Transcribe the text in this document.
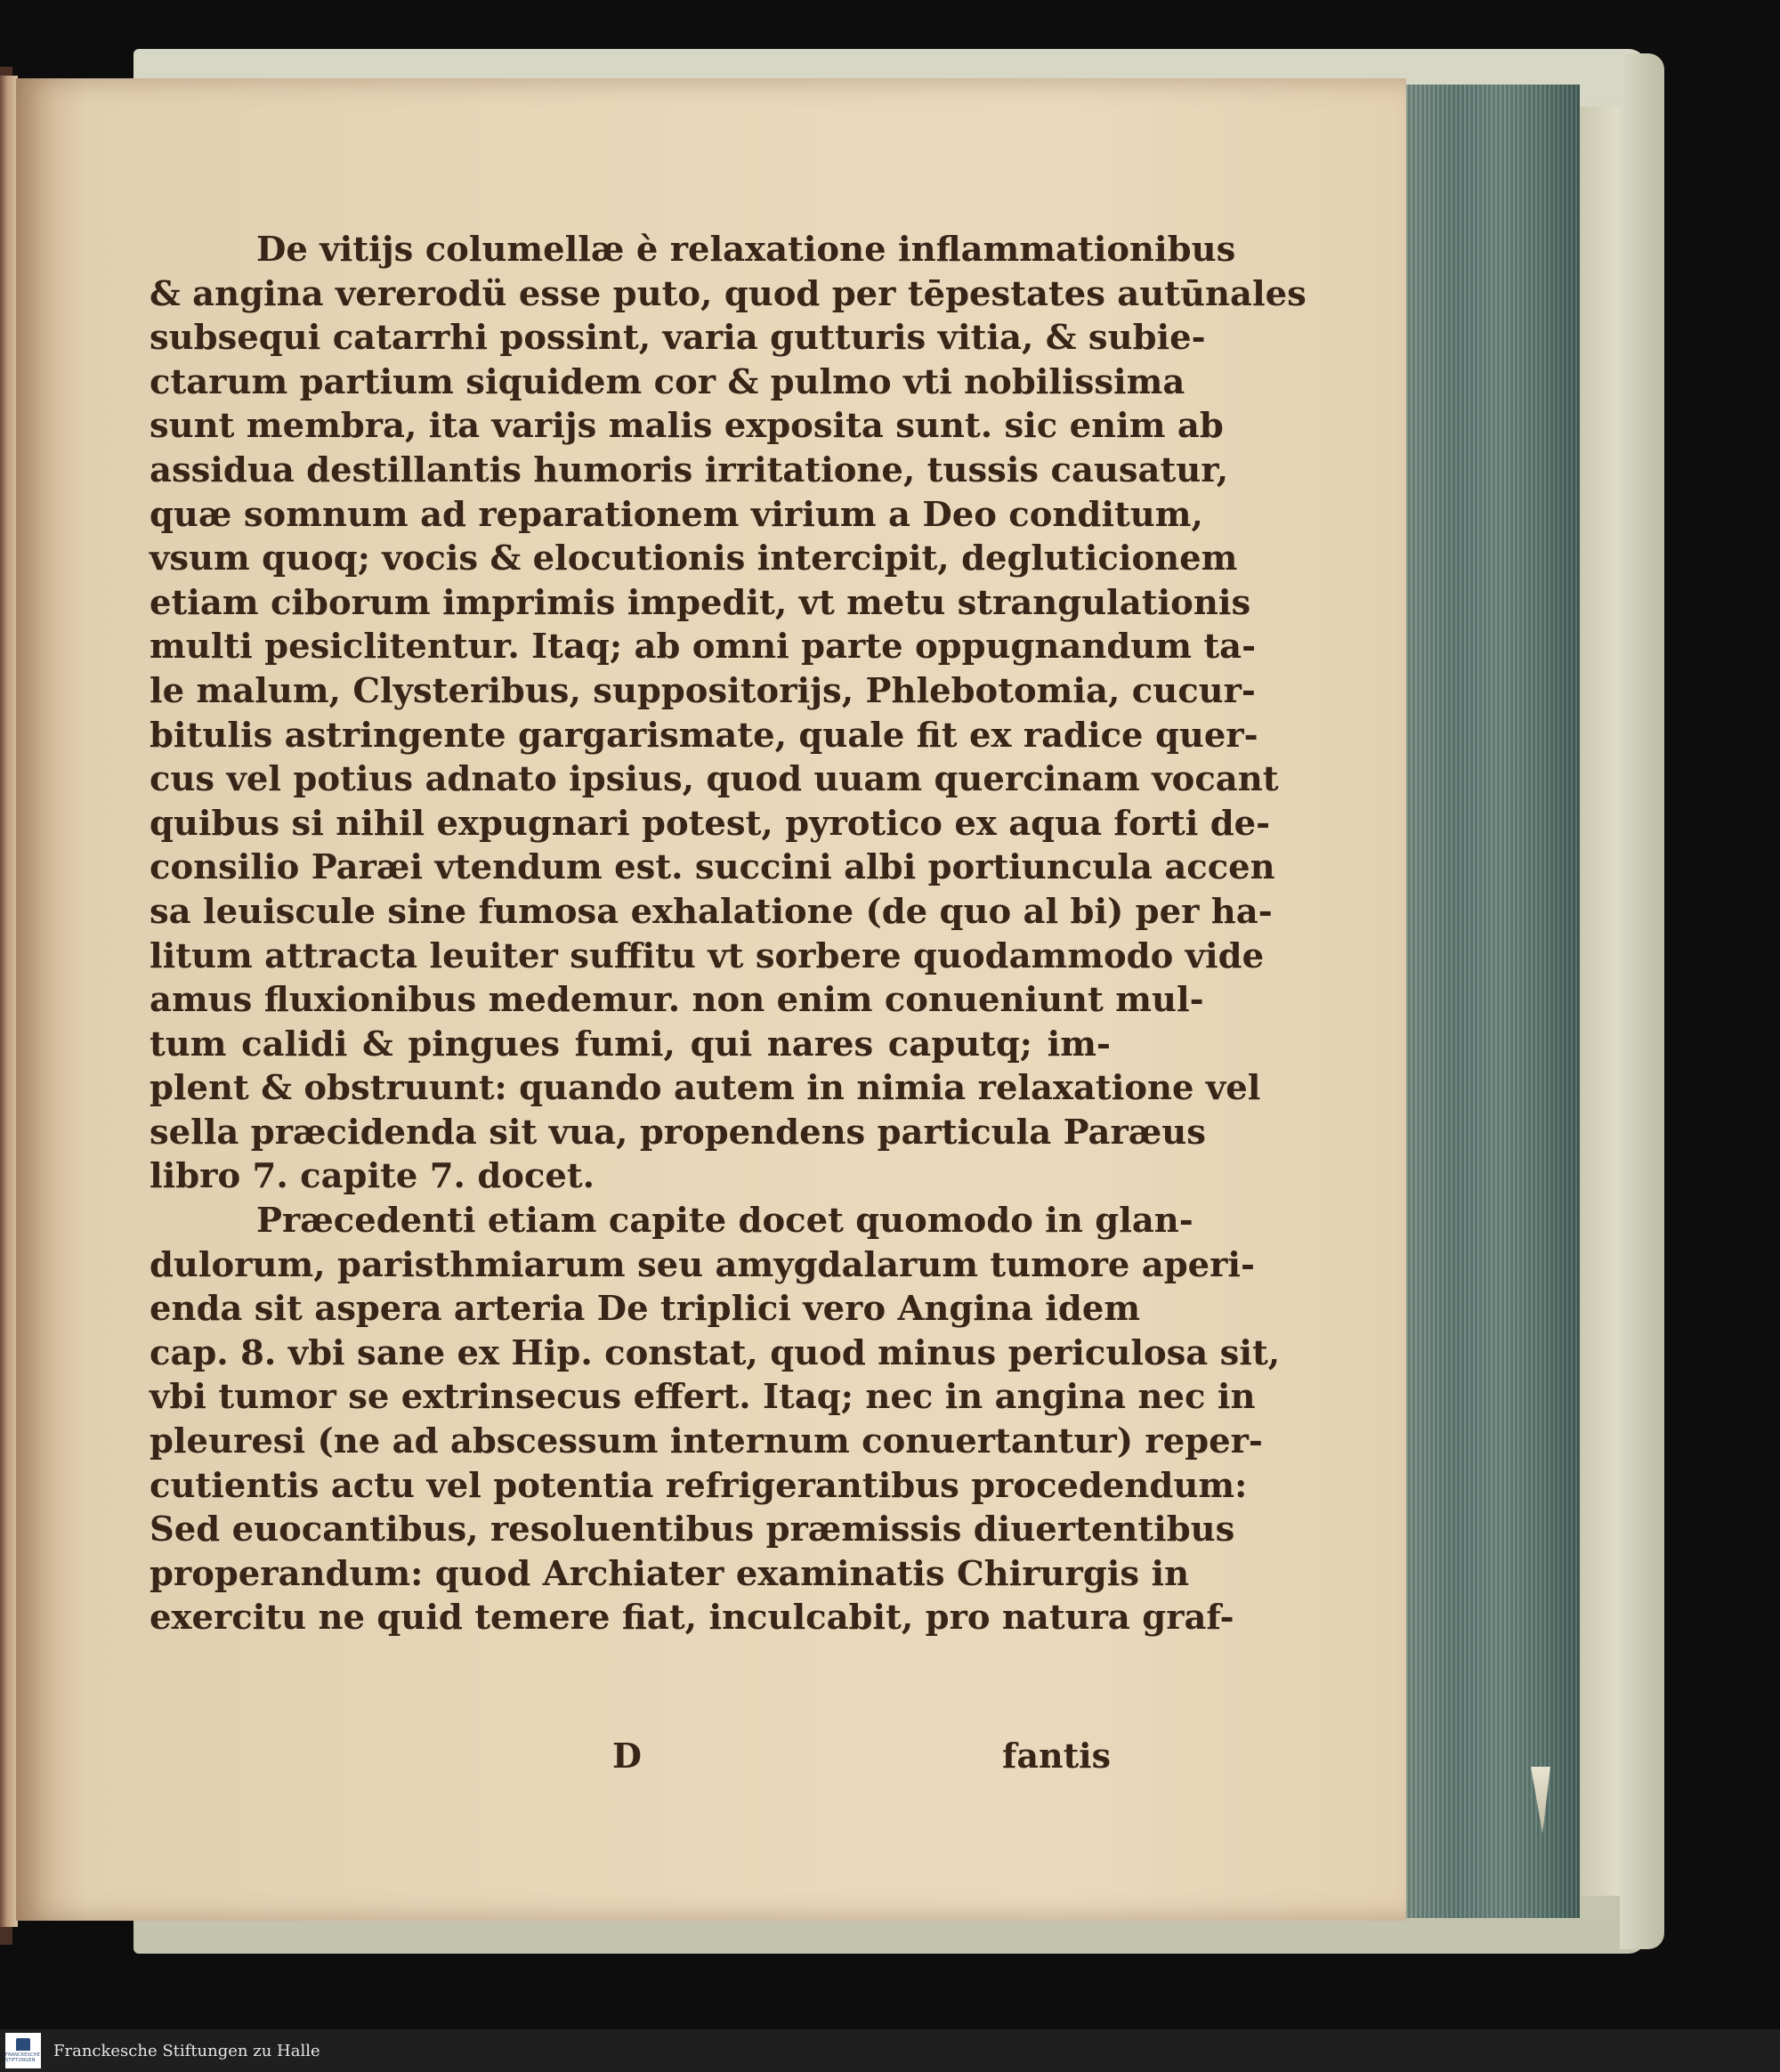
De vitijs columellæ è relaxatione inflammationibus
& angina vererodü esse puto, quod per tēpestates autūnales
subsequi catarrhi possint, varia gutturis vitia, & subie-
ctarum partium siquidem cor & pulmo vti nobilissima
sunt membra, ita varijs malis exposita sunt. sic enim ab
assidua destillantis humoris irritatione, tussis causatur,
quæ somnum ad reparationem virium a Deo conditum,
vsum quoq; vocis & elocutionis intercipit, degluticionem
etiam ciborum imprimis impedit, vt metu strangulationis
multi pesiclitentur. Itaq; ab omni parte oppugnandum ta-
le malum, Clysteribus, suppositorijs, Phlebotomia, cucur-
bitulis astringente gargarismate, quale fit ex radice quer-
cus vel potius adnato ipsius, quod uuam quercinam vocant
quibus si nihil expugnari potest, pyrotico ex aqua forti de-
consilio Paræi vtendum est. succini albi portiuncula accen
sa leuiscule sine fumosa exhalatione (de quo al bi) per ha-
litum attracta leuiter suffitu vt sorbere quodammodo vide
amus fluxionibus medemur. non enim conueniunt mul-
tum calidi & pingues fumi, qui nares caputq; im-
plent & obstruunt: quando autem in nimia relaxatione vel
sella præcidenda sit vua, propendens particula Paræus
libro 7. capite 7. docet.
Præcedenti etiam capite docet quomodo in glan-
dulorum, paristhmiarum seu amygdalarum tumore aperi-
enda sit aspera arteria De triplici vero Angina idem
cap. 8. vbi sane ex Hip. constat, quod minus periculosa sit,
vbi tumor se extrinsecus effert. Itaq; nec in angina nec in
pleuresi (ne ad abscessum internum conuertantur) reper-
cutientis actu vel potentia refrigerantibus procedendum:
Sed euocantibus, resoluentibus præmissis diuertentibus
properandum: quod Archiater examinatis Chirurgis in
exercitu ne quid temere fiat, inculcabit, pro natura graf-
D	fantis
FRANCKESCHE STIFTUNGEN
Franckesche Stiftungen zu Halle
